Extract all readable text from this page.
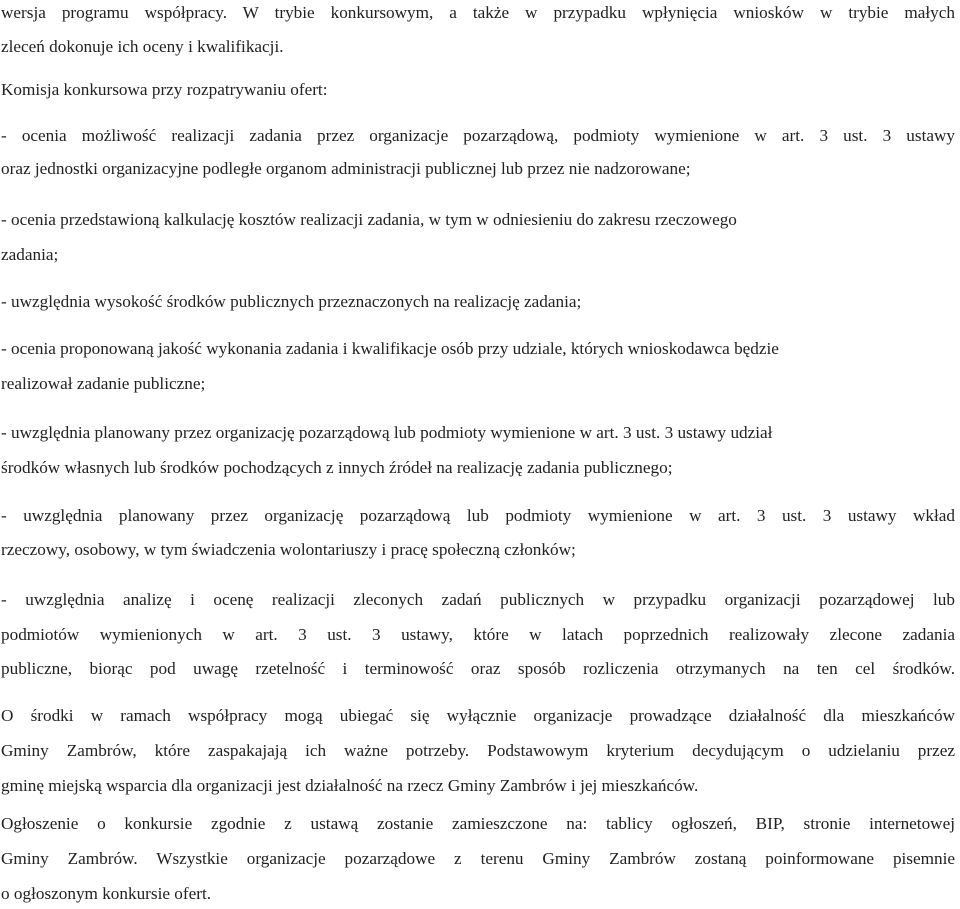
wersja programu współpracy. W trybie konkursowym, a także w przypadku wpłynięcia wniosków w trybie małych
zleceń dokonuje ich oceny i kwalifikacji.
Komisja konkursowa przy rozpatrywaniu ofert:
- ocenia możliwość realizacji zadania przez organizacje pozarządową, podmioty wymienione w art. 3 ust. 3 ustawy
oraz jednostki organizacyjne podległe organom administracji publicznej lub przez nie nadzorowane;
- ocenia przedstawioną kalkulację kosztów realizacji zadania, w tym w odniesieniu do zakresu rzeczowego
zadania;
- uwzględnia wysokość środków publicznych przeznaczonych na realizację zadania;
- ocenia proponowaną jakość wykonania zadania i kwalifikacje osób przy udziale, których wnioskodawca będzie
realizował zadanie publiczne;
- uwzględnia planowany przez organizację pozarządową lub podmioty wymienione w art. 3 ust. 3 ustawy udział
środków własnych lub środków pochodzących z innych źródeł na realizację zadania publicznego;
- uwzględnia planowany przez organizację pozarządową lub podmioty wymienione w art. 3 ust. 3 ustawy wkład
rzeczowy, osobowy, w tym świadczenia wolontariuszy i pracę społeczną członków;
- uwzględnia analizę i ocenę realizacji zleconych zadań publicznych w przypadku organizacji pozarządowej lub
podmiotów wymienionych w art. 3 ust. 3 ustawy, które w latach poprzednich realizowały zlecone zadania
publiczne, biorąc pod uwagę rzetelność i terminowość oraz sposób rozliczenia otrzymanych na ten cel środków.
O środki w ramach współpracy mogą ubiegać się wyłącznie organizacje prowadzące działalność dla mieszkańców
Gminy Zambrów, które zaspakajają ich ważne potrzeby. Podstawowym kryterium decydującym o udzielaniu przez
gminę miejską wsparcia dla organizacji jest działalność na rzecz Gminy Zambrów i jej mieszkańców.
Ogłoszenie o konkursie zgodnie z ustawą zostanie zamieszczone na: tablicy ogłoszeń, BIP, stronie internetowej
Gminy Zambrów. Wszystkie organizacje pozarządowe z terenu Gminy Zambrów zostaną poinformowane pisemnie
o ogłoszonym konkursie ofert.
